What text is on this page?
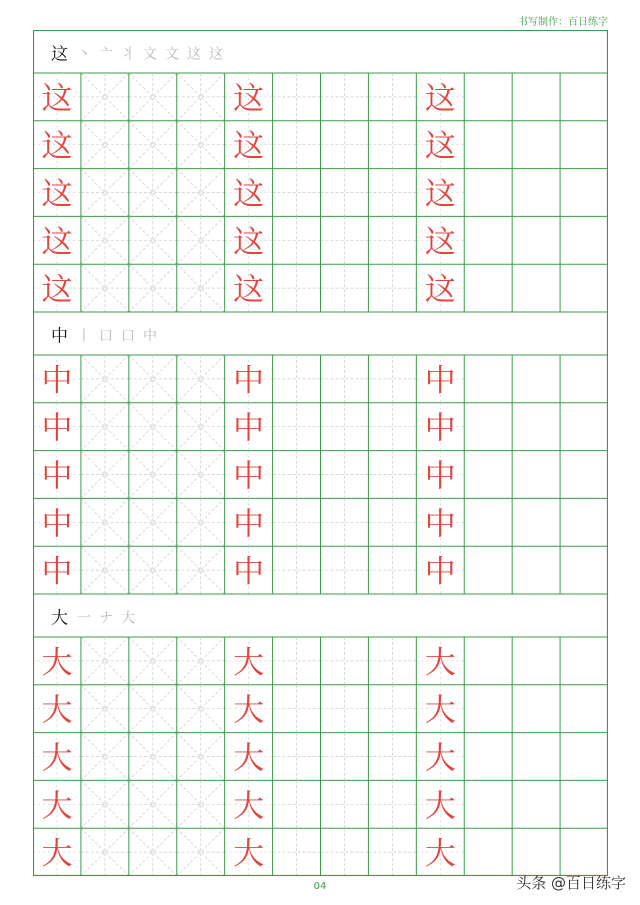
书写制作：百日练字
这 丶 亠 ⺦ 文 文 这 这
这	这	这
这	这	这
这	这	这
这	这	这
这	这	这
中 丨 口 口 中
中	中	中
中	中	中
中	中	中
中	中	中
中	中	中
大 一 ナ 大
大	大	大
大	大	大
大	大	大
大	大	大
大	大	大
04	头条 @百日练字
